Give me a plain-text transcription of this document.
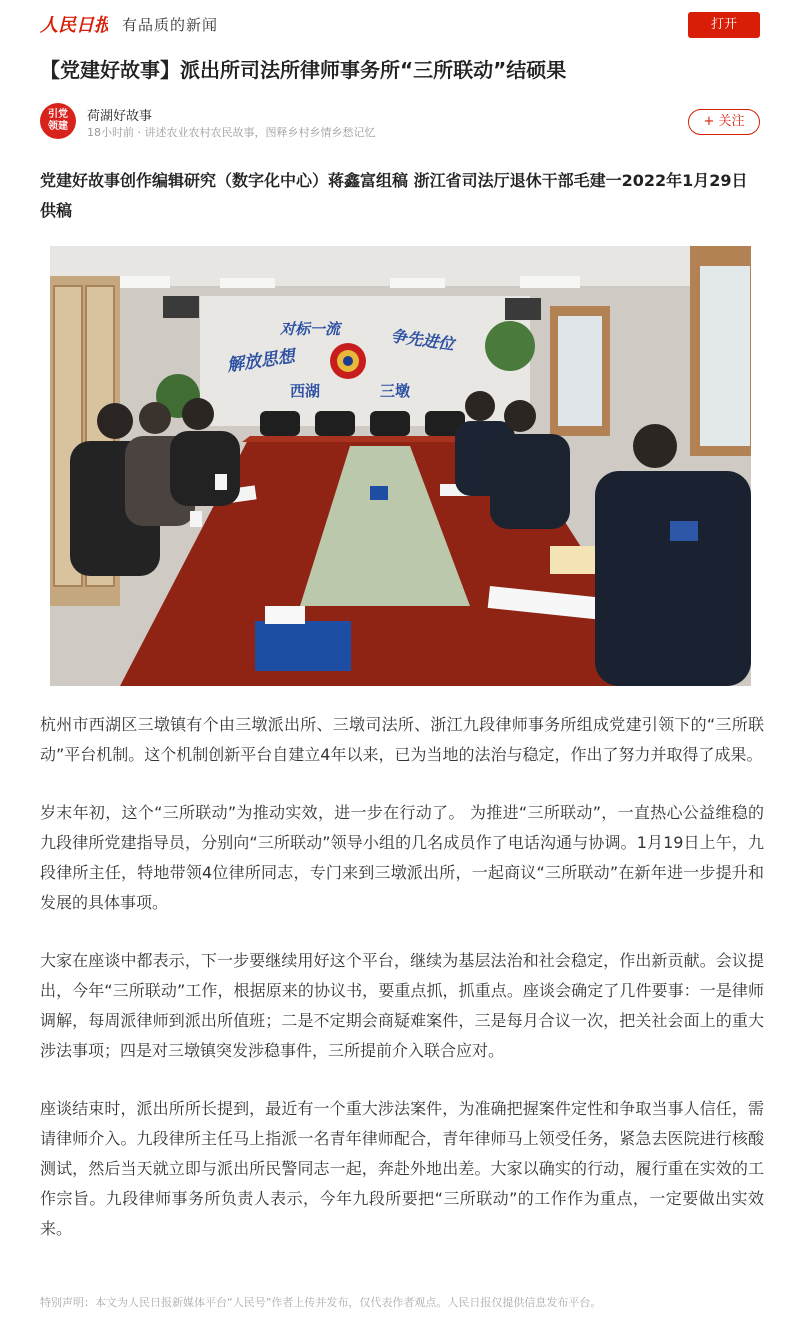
人民日报 有品质的新闻	打开
【党建好故事】派出所司法所律师事务所“三所联动”结硕果
引党
领建
荷湖好故事
18小时前 · 讲述农业农村农民故事，图释乡村乡情乡愁记忆
+ 关注

党建好故事创作编辑研究（数字化中心）蒋鑫富组稿 浙江省司法厅退休干部毛建一2022年1月29日 供稿

解放思想
对标一流	争先进位
西湖	三墩

杭州市西湖区三墩镇有个由三墩派出所、三墩司法所、浙江九段律师事务所组成党建引领下的“三所联动”平台机制。这个机制创新平台自建立4年以来，已为当地的法治与稳定，作出了努力并取得了成果。

岁末年初，这个“三所联动”为推动实效，进一步在行动了。 为推进“三所联动”，一直热心公益维稳的九段律所党建指导员，分别向“三所联动”领导小组的几名成员作了电话沟通与协调。1月19日上午，九段律所主任，特地带领4位律所同志，专门来到三墩派出所，一起商议“三所联动”在新年进一步提升和发展的具体事项。

大家在座谈中都表示，下一步要继续用好这个平台，继续为基层法治和社会稳定，作出新贡献。会议提出，今年“三所联动”工作，根据原来的协议书，要重点抓，抓重点。座谈会确定了几件要事：一是律师调解，每周派律师到派出所值班；二是不定期会商疑难案件，三是每月合议一次，把关社会面上的重大涉法事项；四是对三墩镇突发涉稳事件，三所提前介入联合应对。

座谈结束时，派出所所长提到，最近有一个重大涉法案件，为准确把握案件定性和争取当事人信任，需请律师介入。九段律所主任马上指派一名青年律师配合，青年律师马上领受任务，紧急去医院进行核酸测试，然后当天就立即与派出所民警同志一起，奔赴外地出差。大家以确实的行动，履行重在实效的工作宗旨。九段律师事务所负责人表示，今年九段所要把“三所联动”的工作作为重点，一定要做出实效来。

特别声明：本文为人民日报新媒体平台“人民号”作者上传并发布，仅代表作者观点。人民日报仅提供信息发布平台。
